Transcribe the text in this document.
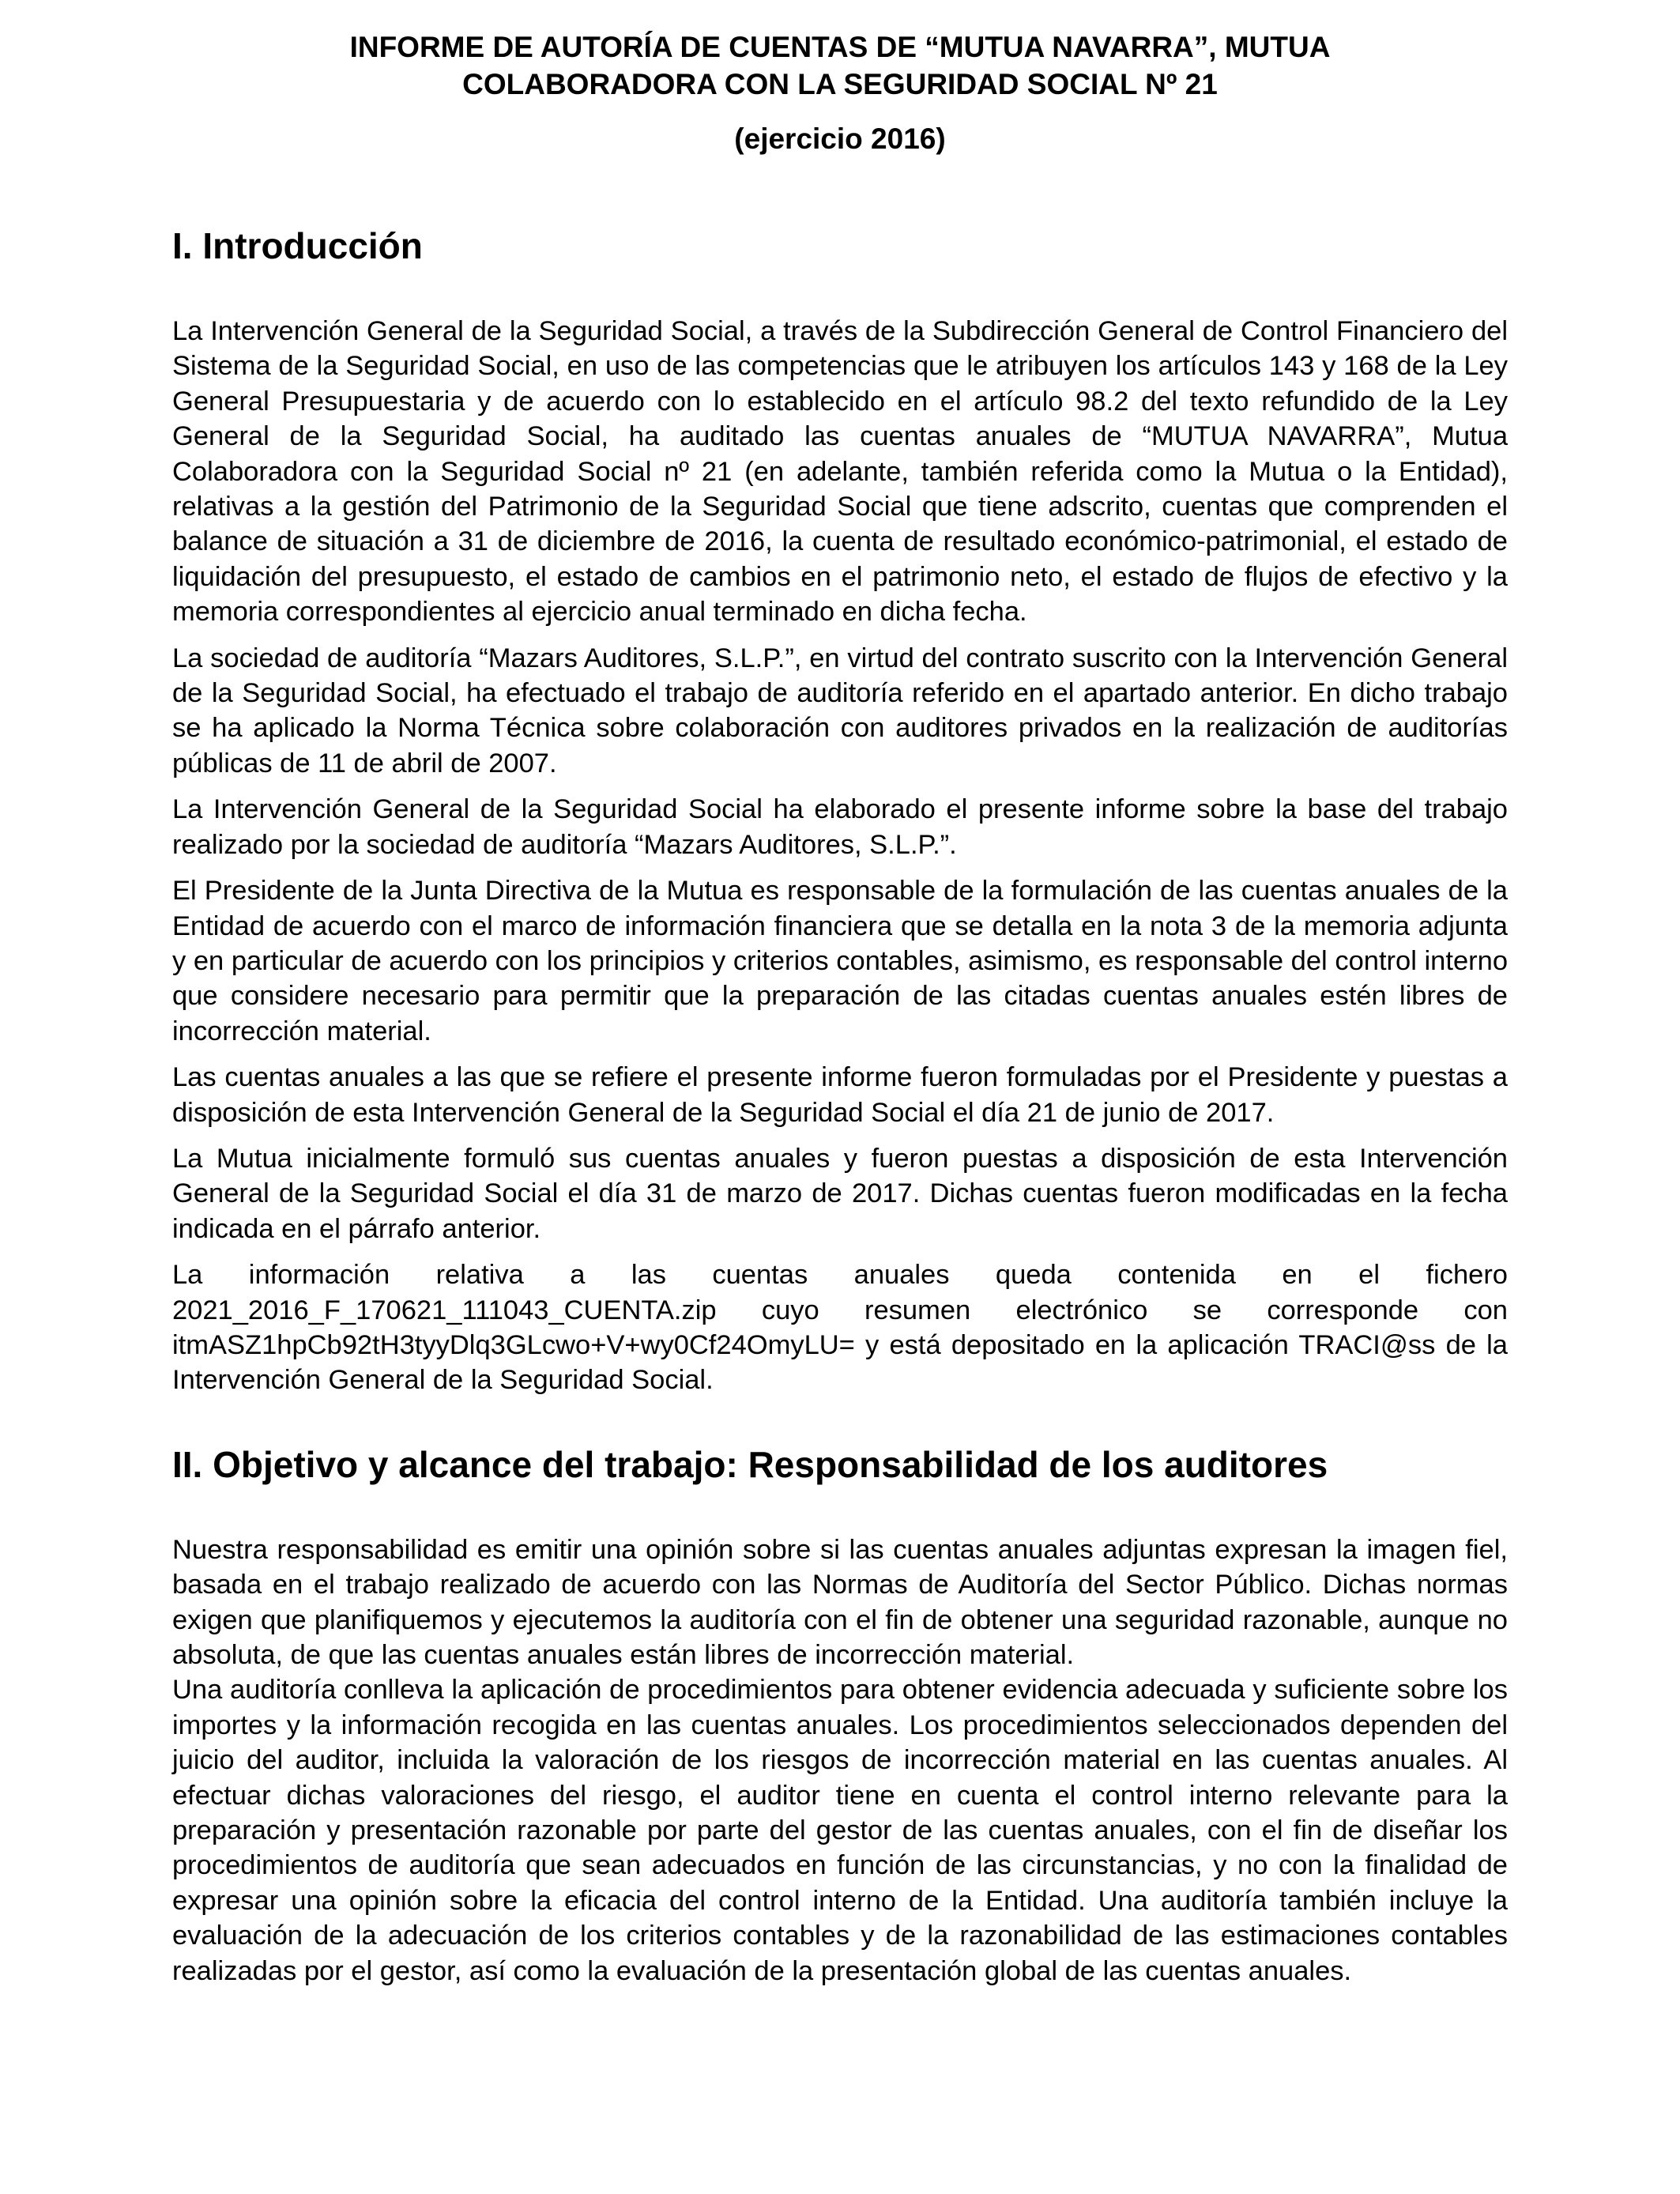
INFORME DE AUTORÍA DE CUENTAS DE “MUTUA NAVARRA”, MUTUA COLABORADORA CON LA SEGURIDAD SOCIAL Nº 21
(ejercicio 2016)
I. Introducción

La Intervención General de la Seguridad Social, a través de la Subdirección General de Control Financiero del Sistema de la Seguridad Social, en uso de las competencias que le atribuyen los artículos 143 y 168 de la Ley General Presupuestaria y de acuerdo con lo establecido en el artículo 98.2 del texto refundido de la Ley General de la Seguridad Social, ha auditado las cuentas anuales de “MUTUA NAVARRA”, Mutua Colaboradora con la Seguridad Social nº 21 (en adelante, también referida como la Mutua o la Entidad), relativas a la gestión del Patrimonio de la Seguridad Social que tiene adscrito, cuentas que comprenden el balance de situación a 31 de diciembre de 2016, la cuenta de resultado económico-patrimonial, el estado de liquidación del presupuesto, el estado de cambios en el patrimonio neto, el estado de flujos de efectivo y la memoria correspondientes al ejercicio anual terminado en dicha fecha.

La sociedad de auditoría “Mazars Auditores, S.L.P.”, en virtud del contrato suscrito con la Intervención General de la Seguridad Social, ha efectuado el trabajo de auditoría referido en el apartado anterior. En dicho trabajo se ha aplicado la Norma Técnica sobre colaboración con auditores privados en la realización de auditorías públicas de 11 de abril de 2007.

La Intervención General de la Seguridad Social ha elaborado el presente informe sobre la base del trabajo realizado por la sociedad de auditoría “Mazars Auditores, S.L.P.”.

El Presidente de la Junta Directiva de la Mutua es responsable de la formulación de las cuentas anuales de la Entidad de acuerdo con el marco de información financiera que se detalla en la nota 3 de la memoria adjunta y en particular de acuerdo con los principios y criterios contables, asimismo, es responsable del control interno que considere necesario para permitir que la preparación de las citadas cuentas anuales estén libres de incorrección material.

Las cuentas anuales a las que se refiere el presente informe fueron formuladas por el Presidente y puestas a disposición de esta Intervención General de la Seguridad Social el día 21 de junio de 2017.

La Mutua inicialmente formuló sus cuentas anuales y fueron puestas a disposición de esta Intervención General de la Seguridad Social el día 31 de marzo de 2017. Dichas cuentas fueron modificadas en la fecha indicada en el párrafo anterior.

La información relativa a las cuentas anuales queda contenida en el fichero 2021_2016_F_170621_111043_CUENTA.zip cuyo resumen electrónico se corresponde con itmASZ1hpCb92tH3tyyDlq3GLcwo+V+wy0Cf24OmyLU= y está depositado en la aplicación TRACI@ss de la Intervención General de la Seguridad Social.

II. Objetivo y alcance del trabajo: Responsabilidad de los auditores

Nuestra responsabilidad es emitir una opinión sobre si las cuentas anuales adjuntas expresan la imagen fiel, basada en el trabajo realizado de acuerdo con las Normas de Auditoría del Sector Público. Dichas normas exigen que planifiquemos y ejecutemos la auditoría con el fin de obtener una seguridad razonable, aunque no absoluta, de que las cuentas anuales están libres de incorrección material.

Una auditoría conlleva la aplicación de procedimientos para obtener evidencia adecuada y suficiente sobre los importes y la información recogida en las cuentas anuales. Los procedimientos seleccionados dependen del juicio del auditor, incluida la valoración de los riesgos de incorrección material en las cuentas anuales. Al efectuar dichas valoraciones del riesgo, el auditor tiene en cuenta el control interno relevante para la preparación y presentación razonable por parte del gestor de las cuentas anuales, con el fin de diseñar los procedimientos de auditoría que sean adecuados en función de las circunstancias, y no con la finalidad de expresar una opinión sobre la eficacia del control interno de la Entidad. Una auditoría también incluye la evaluación de la adecuación de los criterios contables y de la razonabilidad de las estimaciones contables realizadas por el gestor, así como la evaluación de la presentación global de las cuentas anuales.
